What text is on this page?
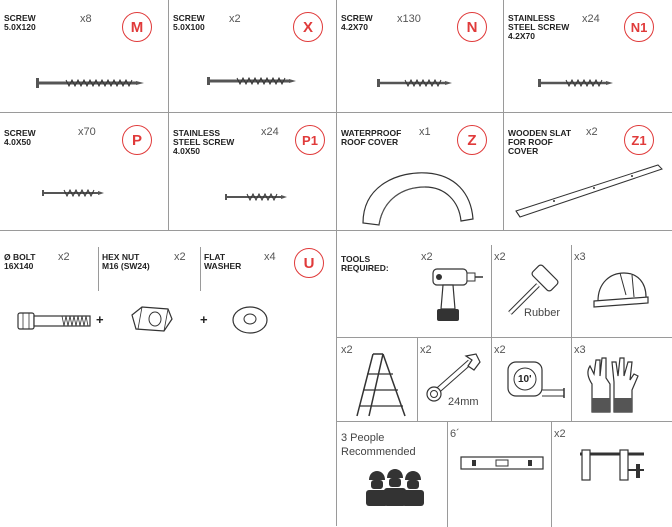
SCREW
5.0X120
x8	M
SCREW
5.0X100
x2	X
SCREW
4.2X70
x130	N
STAINLESS
STEEL SCREW
4.2X70
x24
N1
SCREW
4.0X50
x70	P	STAINLESS
STEEL SCREW
4.0X50
x24
P1	WATERPROOF
ROOF COVER
x1	Z	WOODEN SLAT
FOR ROOF
COVER
x2
Z1
Ø BOLT
16X140
x2	HEX NUT
M16 (SW24)
x2 FLAT
WASHER
x4	U
+	+
TOOLS
REQUIRED:
x2	x2
Rubber
x3
x2	x2
24mm
x2
10'
x3
3 People
Recommended
6´	x2
